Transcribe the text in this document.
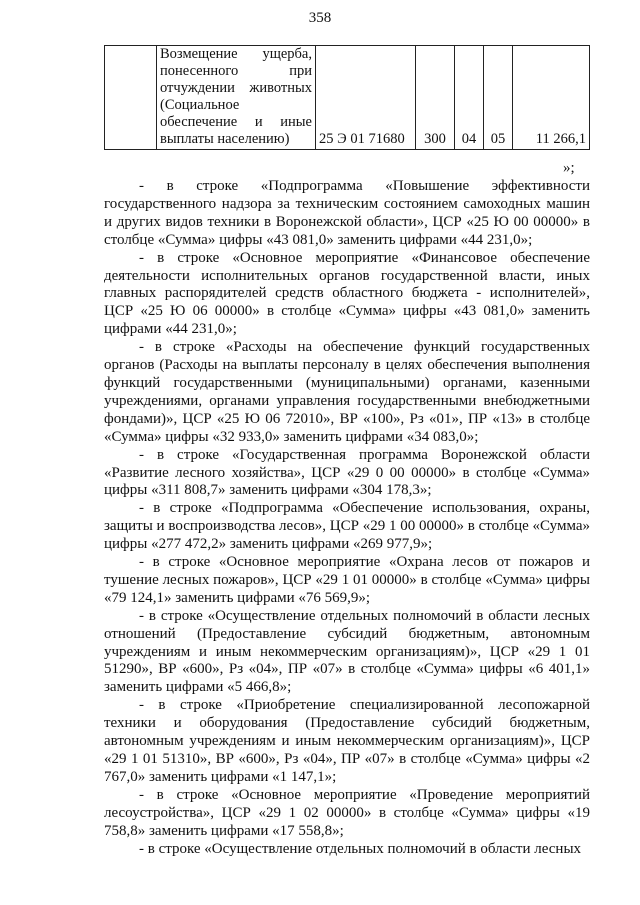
358
	Возмещение ущерба, понесенного при отчуждении животных (Социальное обеспечение и иные выплаты населению)	25 Э 01 71680	300	04	05	11 266,1
»;

- в строке «Подпрограмма «Повышение эффективности государственного надзора за техническим состоянием самоходных машин и других видов техники в Воронежской области», ЦСР «25 Ю 00 00000» в столбце «Сумма» цифры «43 081,0» заменить цифрами «44 231,0»;

- в строке «Основное мероприятие «Финансовое обеспечение деятельности исполнительных органов государственной власти, иных главных распорядителей средств областного бюджета - исполнителей», ЦСР «25 Ю 06 00000» в столбце «Сумма» цифры «43 081,0» заменить цифрами «44 231,0»;

- в строке «Расходы на обеспечение функций государственных органов (Расходы на выплаты персоналу в целях обеспечения выполнения функций государственными (муниципальными) органами, казенными учреждениями, органами управления государственными внебюджетными фондами)», ЦСР «25 Ю 06 72010», ВР «100», Рз «01», ПР «13» в столбце «Сумма» цифры «32 933,0» заменить цифрами «34 083,0»;

- в строке «Государственная программа Воронежской области «Развитие лесного хозяйства», ЦСР «29 0 00 00000» в столбце «Сумма» цифры «311 808,7» заменить цифрами «304 178,3»;

- в строке «Подпрограмма «Обеспечение использования, охраны, защиты и воспроизводства лесов», ЦСР «29 1 00 00000» в столбце «Сумма» цифры «277 472,2» заменить цифрами «269 977,9»;

- в строке «Основное мероприятие «Охрана лесов от пожаров и тушение лесных пожаров», ЦСР «29 1 01 00000» в столбце «Сумма» цифры «79 124,1» заменить цифрами «76 569,9»;

- в строке «Осуществление отдельных полномочий в области лесных отношений (Предоставление субсидий бюджетным, автономным учреждениям и иным некоммерческим организациям)», ЦСР «29 1 01 51290», ВР «600», Рз «04», ПР «07» в столбце «Сумма» цифры «6 401,1» заменить цифрами «5 466,8»;

- в строке «Приобретение специализированной лесопожарной техники и оборудования (Предоставление субсидий бюджетным, автономным учреждениям и иным некоммерческим организациям)», ЦСР «29 1 01 51310», ВР «600», Рз «04», ПР «07» в столбце «Сумма» цифры «2 767,0» заменить цифрами «1 147,1»;

- в строке «Основное мероприятие «Проведение мероприятий лесоустройства», ЦСР «29 1 02 00000» в столбце «Сумма» цифры «19 758,8» заменить цифрами «17 558,8»;

- в строке «Осуществление отдельных полномочий в области лесных
